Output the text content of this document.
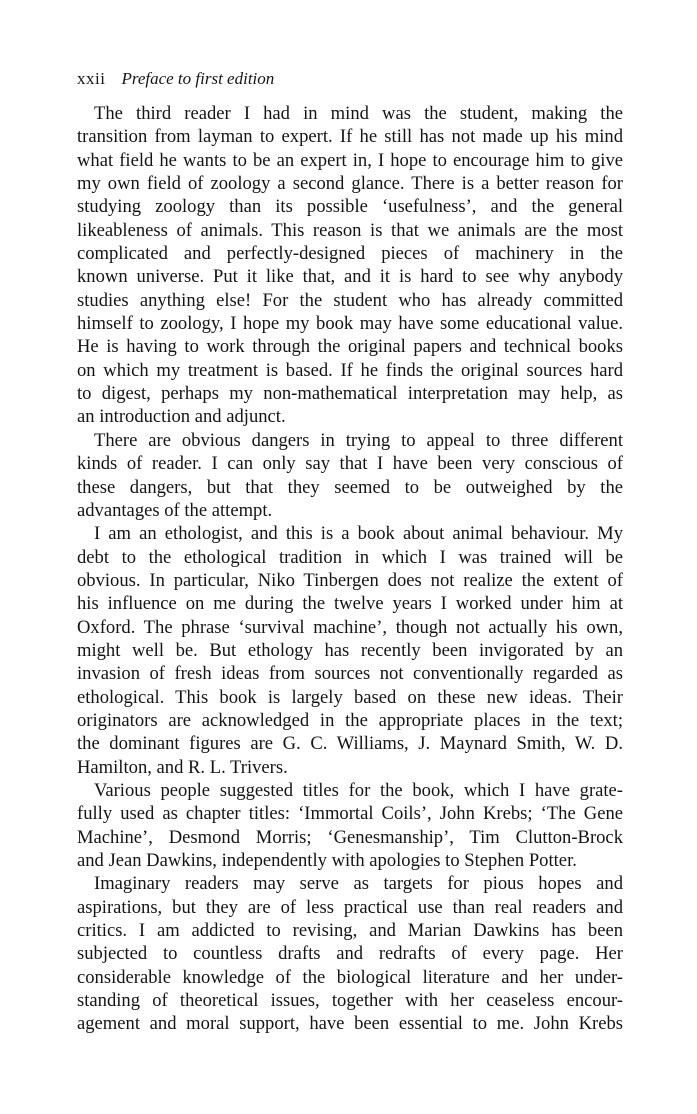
xxii Preface to first edition
The third reader I had in mind was the student, making the
transition from layman to expert. If he still has not made up his mind
what field he wants to be an expert in, I hope to encourage him to give
my own field of zoology a second glance. There is a better reason for
studying zoology than its possible ‘usefulness’, and the general
likeableness of animals. This reason is that we animals are the most
complicated and perfectly-designed pieces of machinery in the
known universe. Put it like that, and it is hard to see why anybody
studies anything else! For the student who has already committed
himself to zoology, I hope my book may have some educational value.
He is having to work through the original papers and technical books
on which my treatment is based. If he finds the original sources hard
to digest, perhaps my non-mathematical interpretation may help, as
an introduction and adjunct.
There are obvious dangers in trying to appeal to three different
kinds of reader. I can only say that I have been very conscious of
these dangers, but that they seemed to be outweighed by the
advantages of the attempt.
I am an ethologist, and this is a book about animal behaviour. My
debt to the ethological tradition in which I was trained will be
obvious. In particular, Niko Tinbergen does not realize the extent of
his influence on me during the twelve years I worked under him at
Oxford. The phrase ‘survival machine’, though not actually his own,
might well be. But ethology has recently been invigorated by an
invasion of fresh ideas from sources not conventionally regarded as
ethological. This book is largely based on these new ideas. Their
originators are acknowledged in the appropriate places in the text;
the dominant figures are G. C. Williams, J. Maynard Smith, W. D.
Hamilton, and R. L. Trivers.
Various people suggested titles for the book, which I have grate-
fully used as chapter titles: ‘Immortal Coils’, John Krebs; ‘The Gene
Machine’, Desmond Morris; ‘Genesmanship’, Tim Clutton-Brock
and Jean Dawkins, independently with apologies to Stephen Potter.
Imaginary readers may serve as targets for pious hopes and
aspirations, but they are of less practical use than real readers and
critics. I am addicted to revising, and Marian Dawkins has been
subjected to countless drafts and redrafts of every page. Her
considerable knowledge of the biological literature and her under-
standing of theoretical issues, together with her ceaseless encour-
agement and moral support, have been essential to me. John Krebs
